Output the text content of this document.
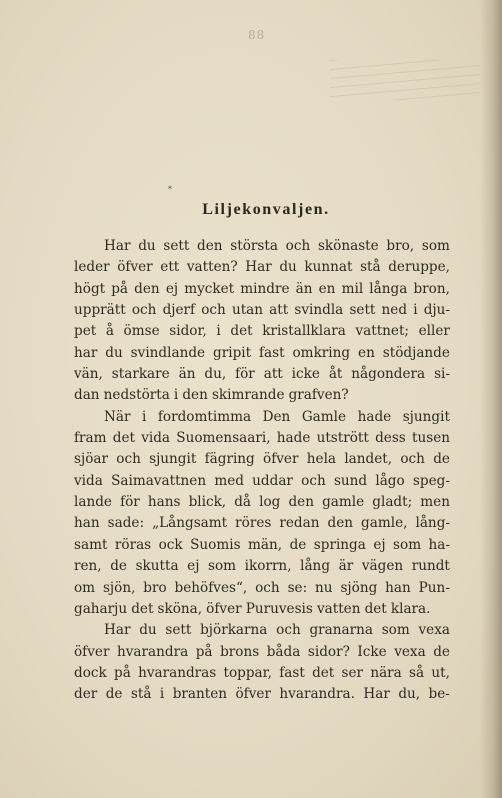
88
*
Liljekonvaljen.
Har du sett den största och skönaste bro, som
leder öfver ett vatten? Har du kunnat stå deruppe,
högt på den ej mycket mindre än en mil långa bron,
upprätt och djerf och utan att svindla sett ned i dju-
pet å ömse sidor, i det kristallklara vattnet; eller
har du svindlande gripit fast omkring en stödjande
vän, starkare än du, för att icke åt någondera si-
dan nedstörta i den skimrande grafven?
När i fordomtimma Den Gamle hade sjungit
fram det vida Suomensaari, hade utstrött dess tusen
sjöar och sjungit fägring öfver hela landet, och de
vida Saimavattnen med uddar och sund lågo speg-
lande för hans blick, då log den gamle gladt; men
han sade: „Långsamt röres redan den gamle, lång-
samt röras ock Suomis män, de springa ej som ha-
ren, de skutta ej som ikorrn, lång är vägen rundt
om sjön, bro behöfves“, och se: nu sjöng han Pun-
gaharju det sköna, öfver Puruvesis vatten det klara.
Har du sett björkarna och granarna som vexa
öfver hvarandra på brons båda sidor? Icke vexa de
dock på hvarandras toppar, fast det ser nära så ut,
der de stå i branten öfver hvarandra. Har du, be-
